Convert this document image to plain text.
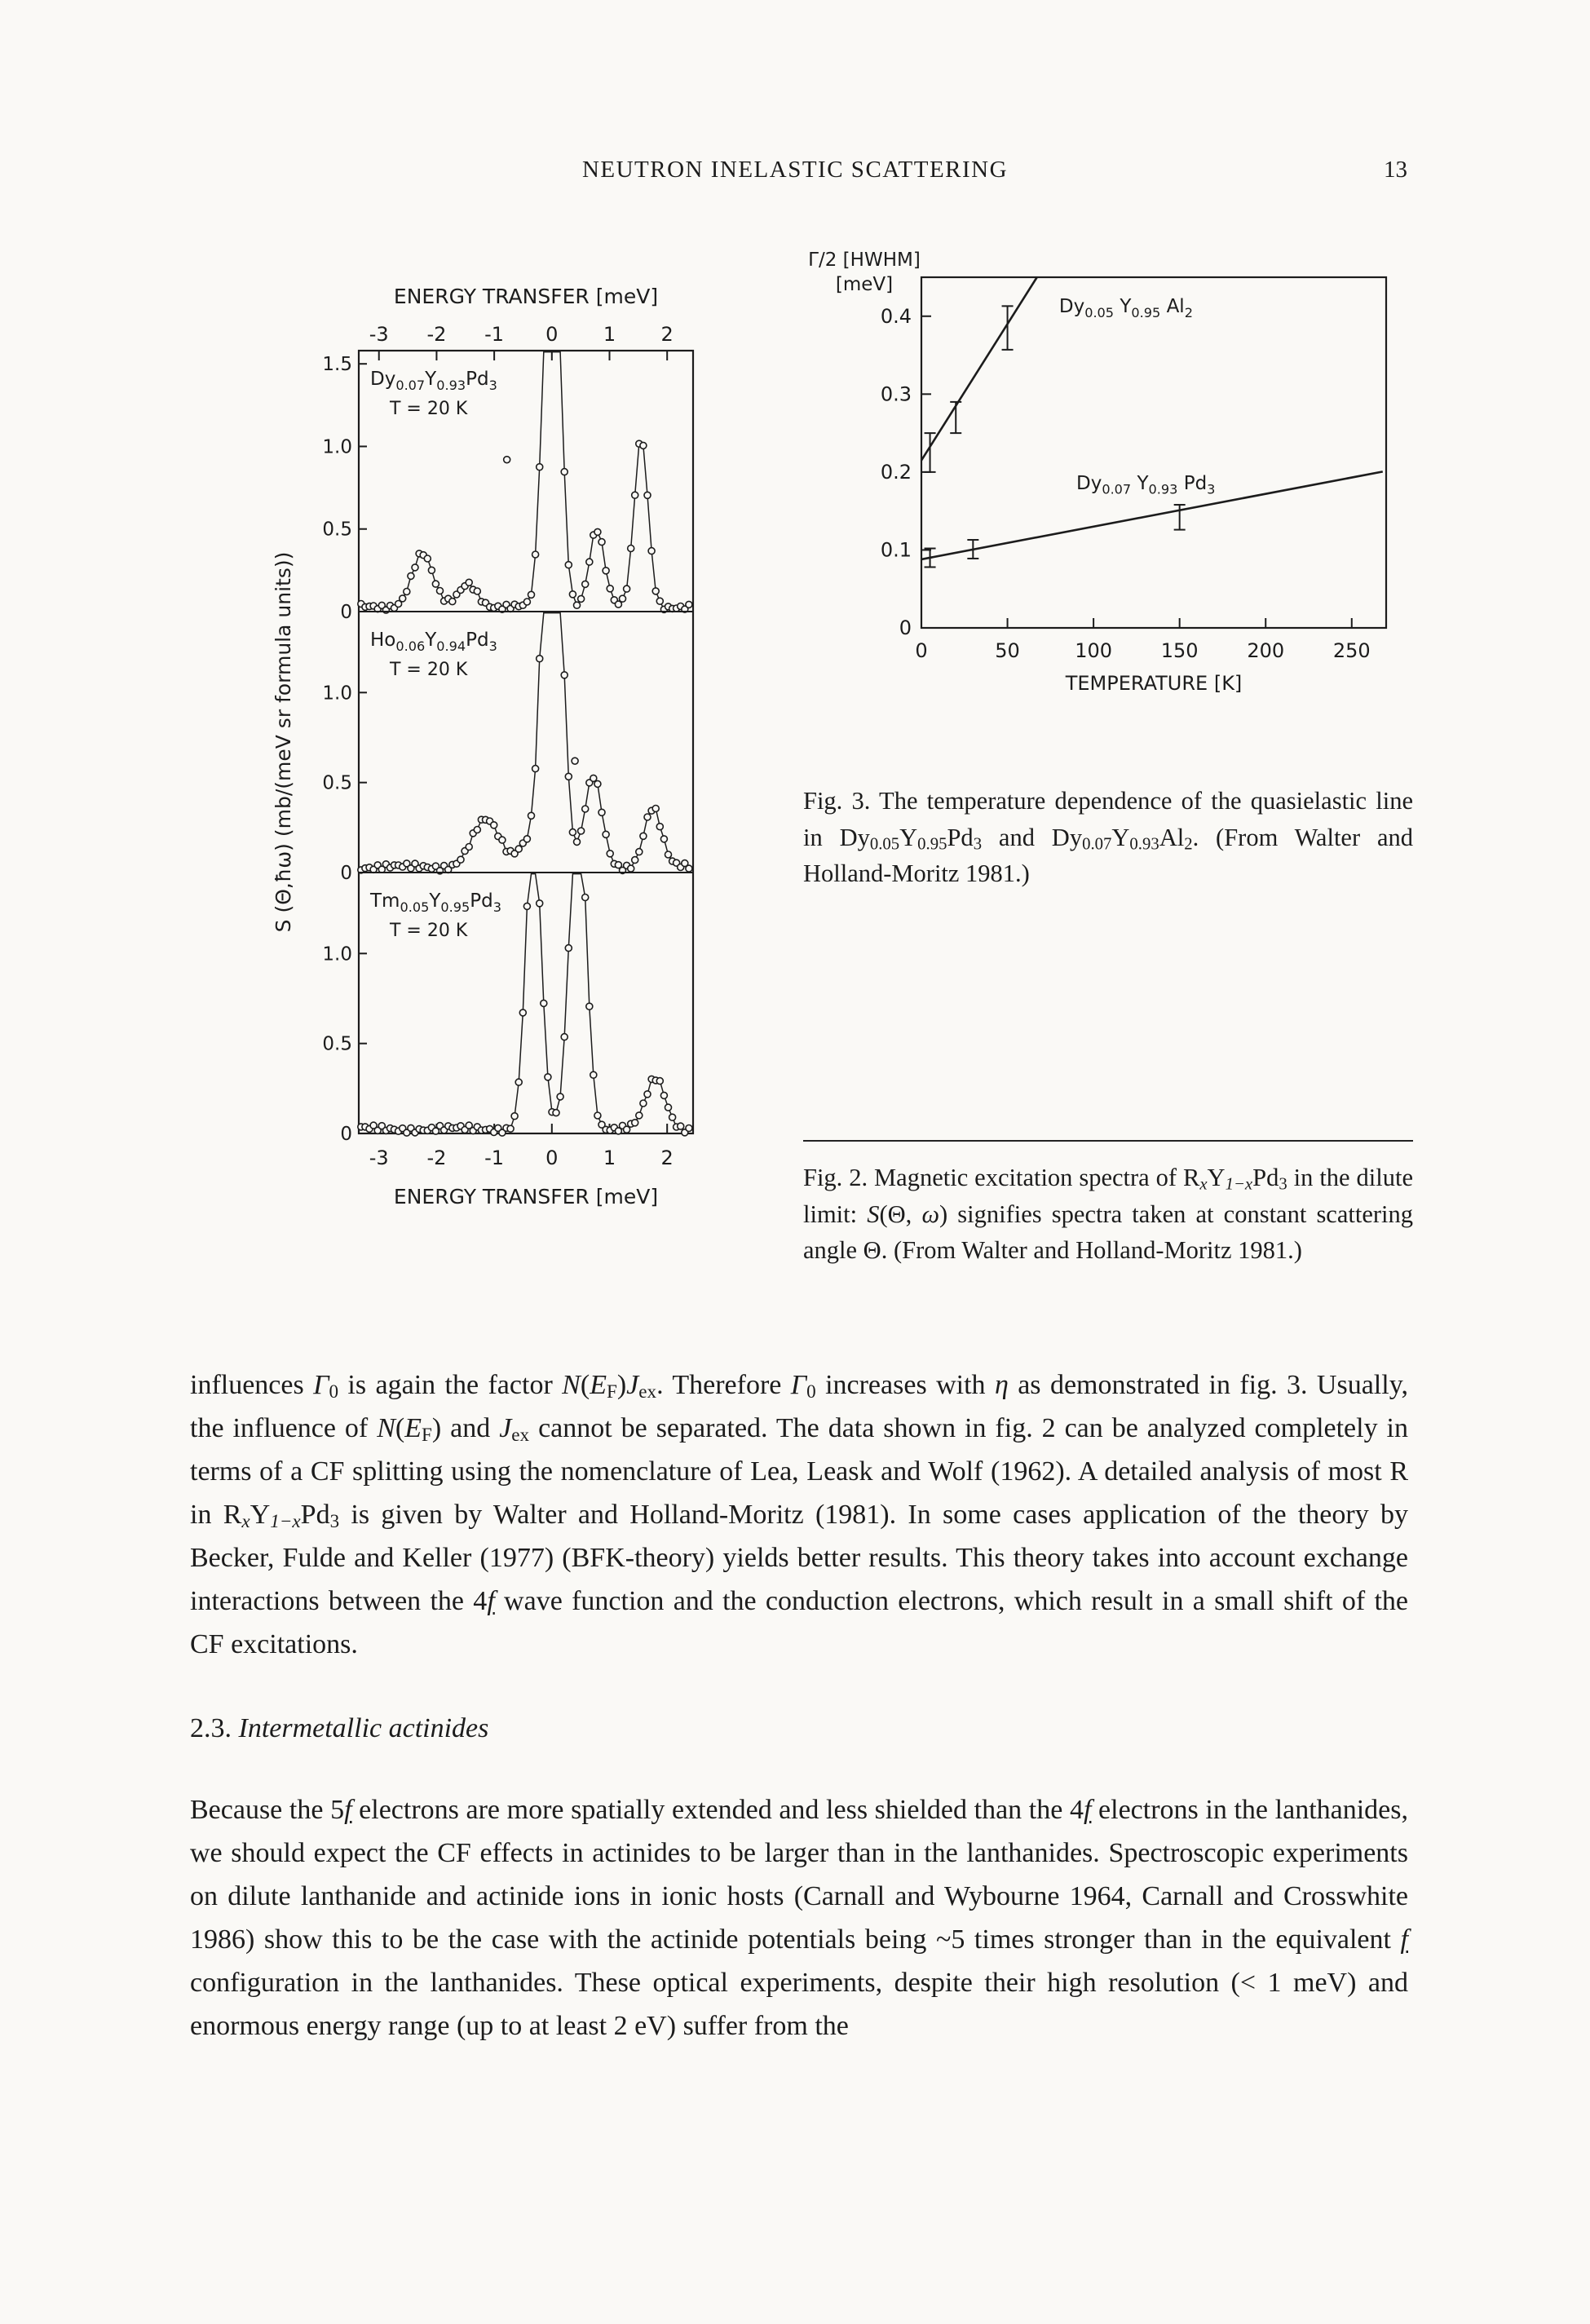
NEUTRON INELASTIC SCATTERING	13
ENERGY TRANSFER [meV]
ENERGY TRANSFER [meV]
S (Θ,ħω) (mb/(meV sr formula units))
-3
-3
-2
-2
-1
-1
0
0
1
1
2
2
0
0.5
1.0
1.5
$Dy_{0.07}Y_{0.93}Pd_3$
T = 20 K
0
0.5
1.0
$Ho_{0.06}Y_{0.94}Pd_3$
T = 20 K
0
0.5
1.0
$Tm_{0.05}Y_{0.95}Pd_3$
T = 20 K
0
0.1
0.2
0.3
0.4
0	50	100 150 200 250
TEMPERATURE [K]
Γ/2 [HWHM]
[meV]
$Dy_{0.05}$ $Y_{0.95}$ $Al_2$
$Dy_{0.07}$ $Y_{0.93}$ $Pd_3$
Fig. 3. The temperature dependence of the quasielastic line in Dy0.05Y0.95Pd3 and Dy0.07Y0.93Al2. (From Walter and Holland-Moritz 1981.)
Fig. 2. Magnetic excitation spectra of RxY1−xPd3 in the dilute limit: S(Θ, ω) signifies spectra taken at constant scattering angle Θ. (From Walter and Holland-Moritz 1981.)

influences Γ0 is again the factor N(EF)Jex. Therefore Γ0 increases with η as demonstrated in fig. 3. Usually, the influence of N(EF) and Jex cannot be separated. The data shown in fig. 2 can be analyzed completely in terms of a CF splitting using the nomenclature of Lea, Leask and Wolf (1962). A detailed analysis of most R in RxY1−xPd3 is given by Walter and Holland-Moritz (1981). In some cases application of the theory by Becker, Fulde and Keller (1977) (BFK-theory) yields better results. This theory takes into account exchange interactions between the 4f wave function and the conduction electrons, which result in a small shift of the CF excitations.

2.3. Intermetallic actinides

Because the 5f electrons are more spatially extended and less shielded than the 4f electrons in the lanthanides, we should expect the CF effects in actinides to be larger than in the lanthanides. Spectroscopic experiments on dilute lanthanide and actinide ions in ionic hosts (Carnall and Wybourne 1964, Carnall and Crosswhite 1986) show this to be the case with the actinide potentials being ~5 times stronger than in the equivalent f configuration in the lanthanides. These optical experiments, despite their high resolution (< 1 meV) and enormous energy range (up to at least 2 eV) suffer from the
